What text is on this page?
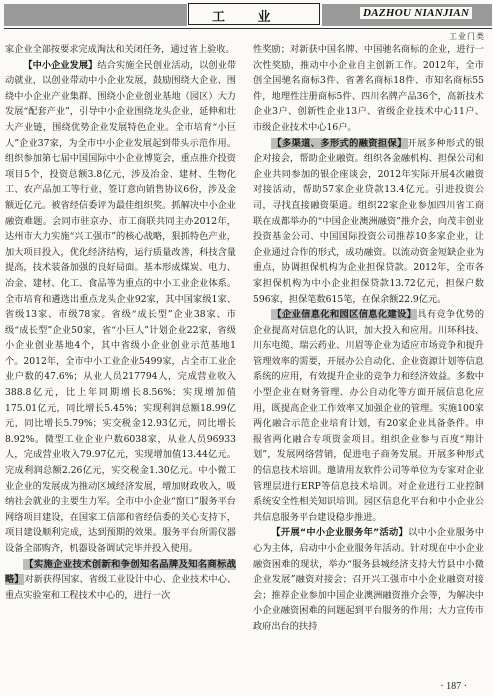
工 业	DAZHOU NIANJIAN
工业门类

家企业全部按要求完成淘汰和关闭任务，通过省上验收。

【中小企业发展】结合实施全民创业活动，以创业带动就业，以创业带动中小企业发展，鼓励围绕大企业、围绕中小企业产业集群、围绕小企业创业基地（园区）大力发展“配套产业”，引导中小企业围绕龙头企业，延伸和壮大产业链，围绕优势企业发展特色企业。全市培育“小巨人”企业37家，为全市中小企业发展起到带头示范作用。组织参加第七届中国国际中小企业博览会，重点推介投资项目5个，投资总额3.8亿元，涉及冶金、建材、生物化工、农产品加工等行业，签订意向销售协议6份，涉及金额近亿元。被省经信委评为最佳组织奖。抓解决中小企业融资难题。会同市驻京办、市工商联共同主办2012年，达州市大力实施“兴工强市”的核心战略，狠抓特色产业，加大项目投入，优化经济结构，运行质量改善，科技含量提高，技术装备加强的良好局面。基本形成煤炭、电力、冶金、建材、化工、食品等为重点的中小工业企业体系。全市培育和遴选出重点龙头企业92家，其中国家级1家、省级13家、市级78家。省级“成长型”企业38家、市级“成长型”企业50家，省“小巨人”计划企业22家，省级小企业创业基地4个，其中省级小企业创业示范基地1个。2012年，全市中小工业企业5499家，占全市工业企业户数的47.6%；从业人员217794人，完成营业收入388.8亿元，比上年同期增长8.56%；实现增加值175.01亿元，同比增长5.45%；实现利润总额18.99亿元，同比增长5.79%；实交税金12.93亿元，同比增长8.92%。微型工业企业户数6038家，从业人员96933人，完成营业收入79.97亿元，实现增加值13.44亿元。完成利润总额2.26亿元，实交税金1.30亿元。中小微工业企业的发展成为推动区域经济发展，增加财政收入，吸纳社会就业的主要生力军。全市中小企业“窗口”服务平台网络项目建设，在国家工信部和省经信委的关心支持下，项目建设顺利完成，达到预期的效果。服务平台所需仪器设备全部购齐，机器设备调试完毕并投入使用。

【实施企业技术创新和争创知名品牌及知名商标战略】对新获得国家、省级工业设计中心、企业技术中心、重点实验室和工程技术中心的，进行一次

性奖励；对新获中国名牌、中国驰名商标的企业，进行一次性奖励，推动中小企业自主创新工作。2012年，全市创全国驰名商标3件、省著名商标18件、市知名商标55件，地理性注册商标5件、四川名牌产品36个，高新技术企业3户、创新性企业13户、省级企业技术中心11户、市级企业技术中心16户。

【多渠道、多形式的融资担保】开展多种形式的银企对接会，帮助企业融资。组织各金融机构、担保公司和企业共同参加的银企座谈会，2012年实际开展4次融资对接活动，帮助57家企业贷款13.4亿元。引进投资公司，寻找直接融资渠道。组织22家企业参加四川省工商联在成都举办的“中国企业澳洲融资”推介会，向茂丰创业投资基金公司、中国国际投资公司推荐10多家企业，让企业通过合作的形式，成功融资。以流动资金短缺企业为重点，协调担保机构为企业担保贷款。2012年，全市各家担保机构为中小企业担保贷款13.72亿元，担保户数596家，担保笔数615笔，在保余额22.9亿元。

【企业信息化和园区信息化建设】具有竞争优势的企业提高对信息化的认识，加大投入和应用。川环科技、川东电缆、瑞云药业、川眉等企业为适应市场竞争和提升管理效率的需要，开展办公自动化、企业资源计划等信息系统的应用，有效提升企业的竞争力和经济效益。多数中小型企业在财务管理、办公自动化等方面开展信息化应用，既提高企业工作效率又加强企业的管理。实施100家两化融合示范企业培育计划，有20家企业具备条件。申报省两化融合专项资金项目。组织企业参与百度“翔计划”，发展网络营销，促进电子商务发展。开展多种形式的信息技术培训。邀请用友软件公司等单位为专家对企业管理层进行ERP等信息技术培训。对企业进行工业控制系统安全性相关知识培训。园区信息化平台和中小企业公共信息服务平台建设稳步推进。

【开展“中小企业服务年”活动】以中小企业服务中心为主体，启动中小企业服务年活动。针对现在中小企业融资困难的现状，举办“服务县城经济支持大竹县中小微企业发展”融资对接会；召开兴工强市中小企业融资对接会；推荐企业参加中国企业澳洲融资推介会等，为解决中小企业融资困难的问题起到平台服务的作用；大力宣传市政府出台的扶持

· 187 ·
